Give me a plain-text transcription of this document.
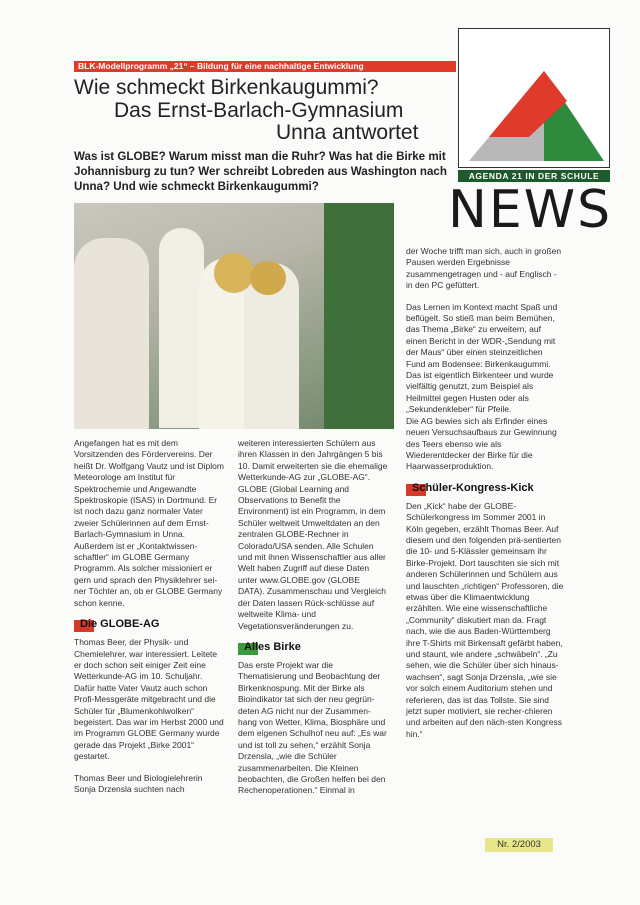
BLK-Modellprogramm „21“ – Bildung für eine nachhaltige Entwicklung
Wie schmeckt Birkenkaugummi?
Das Ernst-Barlach-Gymnasium
Unna antwortet
Was ist GLOBE? Warum misst man die Ruhr? Was hat die Birke mit Johannisburg zu tun? Wer schreibt Lobreden aus Washington nach Unna? Und wie schmeckt Birkenkaugummi?
AGENDA 21 IN DER SCHULE
NEWS

Angefangen hat es mit dem Vorsitzenden des Fördervereins. Der heißt Dr. Wolfgang Vautz und ist Diplom Meteorologe am Institut für Spektrochemie und Angewandte Spektroskopie (ISAS) in Dortmund. Er ist noch dazu ganz normaler Vater zweier Schülerinnen auf dem Ernst-Barlach-Gymnasium in Unna. Außerdem ist er „Kontaktwissen-schaftler“ im GLOBE Germany Programm. Als solcher missioniert er gern und sprach den Physiklehrer sei-ner Töchter an, ob er GLOBE Germany schon kenne.

Die GLOBE-AG

Thomas Beer, der Physik- und Chemielehrer, war interessiert. Leitete er doch schon seit einiger Zeit eine Wetterkunde-AG im 10. Schuljahr. Dafür hatte Vater Vautz auch schon Profi-Messgeräte mitgebracht und die Schüler für „Blumenkohlwolken“ begeistert. Das war im Herbst 2000 und im Programm GLOBE Germany wurde gerade das Projekt „Birke 2001“ gestartet.

Thomas Beer und Biologielehrerin Sonja Drzensla suchten nach

weiteren interessierten Schülern aus ihren Klassen in den Jahrgängen 5 bis 10. Damit erweiterten sie die ehemalige Wetterkunde-AG zur „GLOBE-AG“. GLOBE (Global Learning and Observations to Benefit the Environment) ist ein Programm, in dem Schüler weltweit Umweltdaten an den zentralen GLOBE-Rechner in Colorado/USA senden. Alle Schulen und mit ihnen Wissenschaftler aus aller Welt haben Zugriff auf diese Daten unter www.GLOBE.gov (GLOBE DATA). Zusammenschau und Vergleich der Daten lassen Rück-schlüsse auf weltweite Klima- und Vegetationsveränderungen zu.

Alles Birke

Das erste Projekt war die Thematisierung und Beobachtung der Birkenknospung. Mit der Birke als Bioindikator tat sich der neu gegrün-deten AG nicht nur der Zusammen-hang von Wetter, Klima, Biosphäre und dem eigenen Schulhof neu auf: „Es war und ist toll zu sehen,“ erzählt Sonja Drzensla, „wie die Schüler zusammenarbeiten. Die Kleinen beobachten, die Großen helfen bei den Rechenoperationen.“ Einmal in

der Woche trifft man sich, auch in großen Pausen werden Ergebnisse zusammengetragen und - auf Englisch - in den PC gefüttert.

Das Lernen im Kontext macht Spaß und beflügelt. So stieß man beim Bemühen, das Thema „Birke“ zu erweitern, auf einen Bericht in der WDR-„Sendung mit der Maus“ über einen steinzeitlichen Fund am Bodensee: Birkenkaugummi. Das ist eigentlich Birkenteer und wurde vielfältig genutzt, zum Beispiel als Heilmittel gegen Husten oder als „Sekundenkleber“ für Pfeile.
Die AG bewies sich als Erfinder eines neuen Versuchsaufbaus zur Gewinnung des Teers ebenso wie als Wiederentdecker der Birke für die Haarwasserproduktion.

Schüler-Kongress-Kick

Den „Kick“ habe der GLOBE-Schülerkongress im Sommer 2001 in Köln gegeben, erzählt Thomas Beer. Auf diesem und den folgenden prä-sentierten die 10- und 5-Klässler gemeinsam ihr Birke-Projekt. Dort tauschten sie sich mit anderen Schülerinnen und Schülern aus und lauschten „richtigen“ Professoren, die etwas über die Klimaentwicklung erzählten. Wie eine wissenschaftliche „Community“ diskutiert man da. Fragt nach, wie die aus Baden-Württemberg ihre T-Shirts mit Birkensaft gefärbt haben, und staunt, wie andere „schwäbeln“. „Zu sehen, wie die Schüler über sich hinaus-wachsen“, sagt Sonja Drzensla, „wie sie vor solch einem Auditorium stehen und referieren, das ist das Tollste. Sie sind jetzt super motiviert, sie recher-chieren und arbeiten auf den näch-sten Kongress hin.“

Nr. 2/2003
